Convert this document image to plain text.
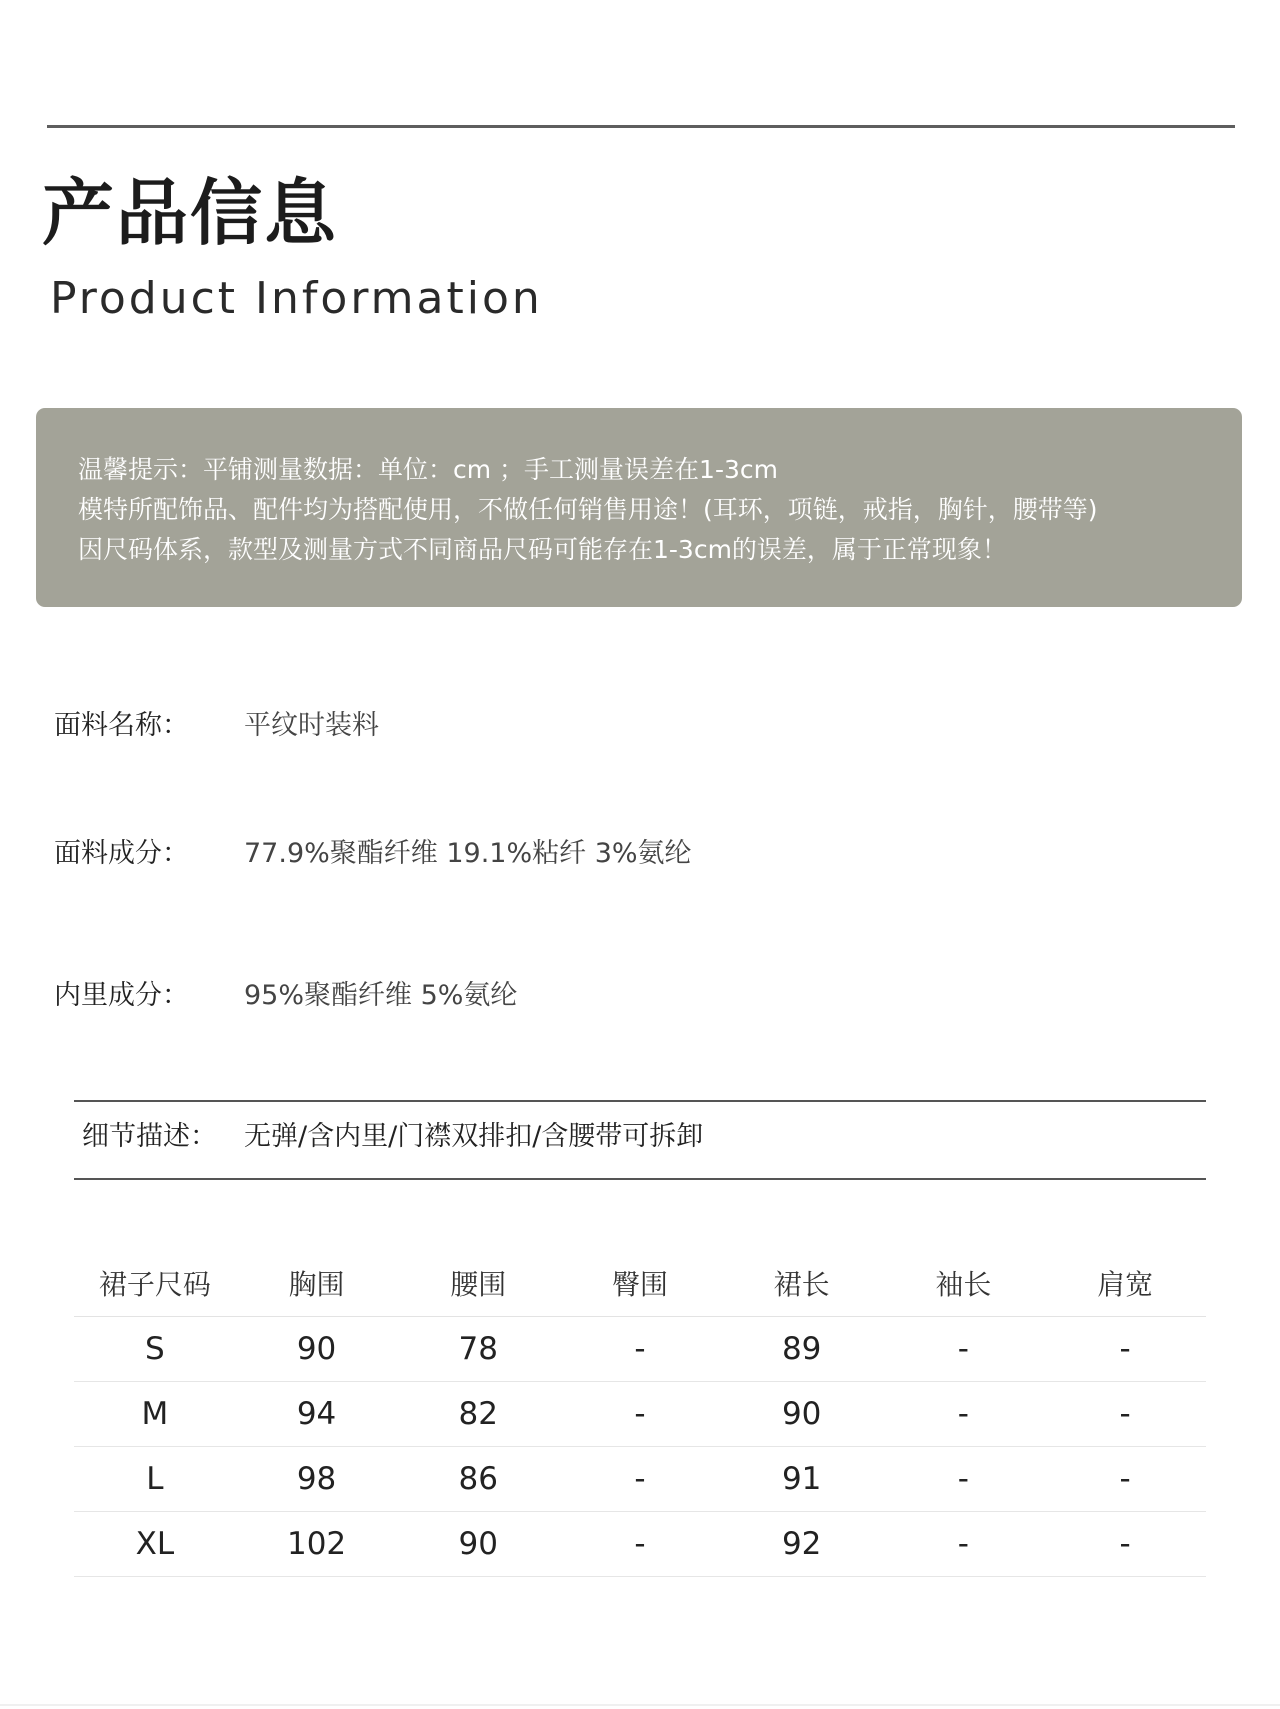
产品信息
Product Information
温馨提示：平铺测量数据：单位：cm ；手工测量误差在1-3cm
模特所配饰品、配件均为搭配使用，不做任何销售用途！(耳环，项链，戒指，胸针，腰带等)
因尺码体系，款型及测量方式不同商品尺码可能存在1-3cm的误差，属于正常现象！
面料名称： 平纹时装料
面料成分： 77.9%聚酯纤维 19.1%粘纤 3%氨纶
内里成分： 95%聚酯纤维 5%氨纶
细节描述： 无弹/含内里/门襟双排扣/含腰带可拆卸
裙子尺码	胸围	腰围	臀围	裙长	袖长	肩宽
S	90	78	-	89	-	-
M	94	82	-	90	-	-
L	98	86	-	91	-	-
XL	102	90	-	92	-	-
